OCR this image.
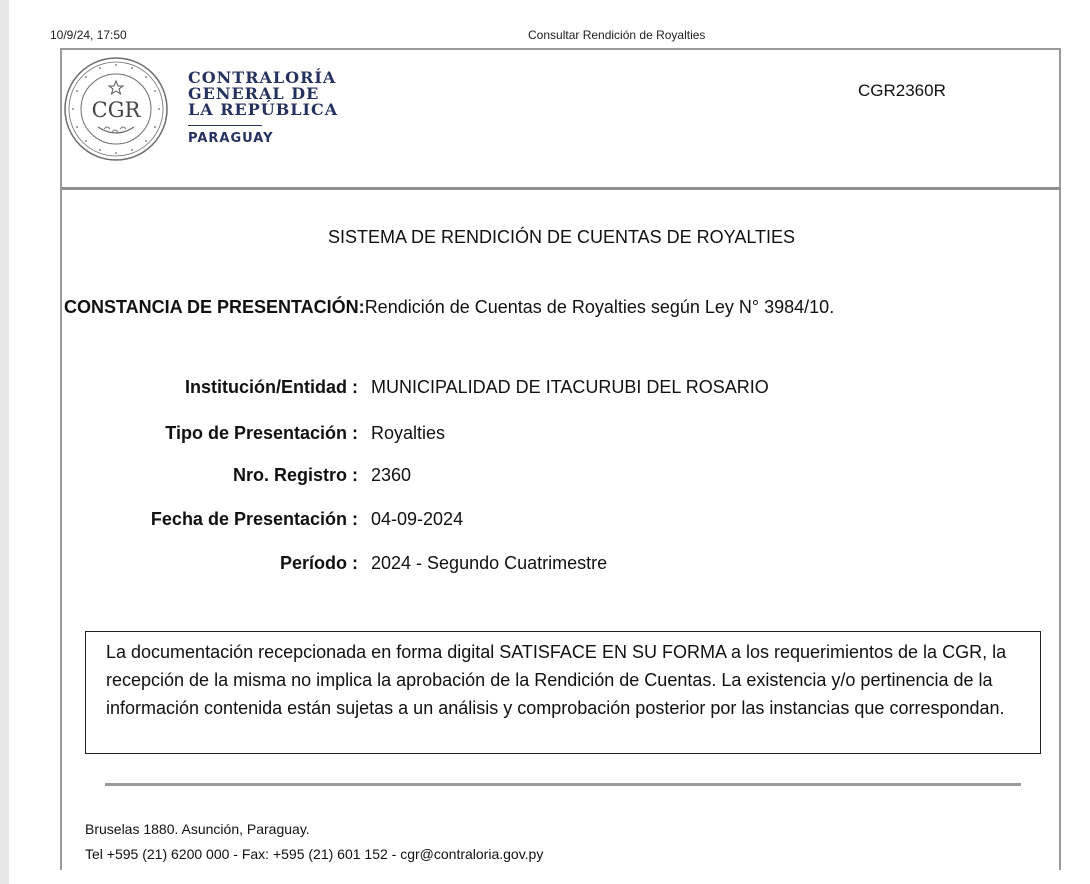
10/9/24, 17:50	Consultar Rendición de Royalties
CGR
CONTRALORÍA
GENERAL DE
LA REPÚBLICA
PARAGUAY
CGR2360R
SISTEMA DE RENDICIÓN DE CUENTAS DE ROYALTIES
CONSTANCIA DE PRESENTACIÓN:Rendición de Cuentas de Royalties según Ley N° 3984/10.
Institución/Entidad : MUNICIPALIDAD DE ITACURUBI DEL ROSARIO
Tipo de Presentación : Royalties
Nro. Registro : 2360
Fecha de Presentación : 04-09-2024
Período : 2024 - Segundo Cuatrimestre
La documentación recepcionada en forma digital SATISFACE EN SU FORMA a los requerimientos de la CGR, la recepción de la misma no implica la aprobación de la Rendición de Cuentas. La existencia y/o pertinencia de la información contenida están sujetas a un análisis y comprobación posterior por las instancias que correspondan.
Bruselas 1880. Asunción, Paraguay.
Tel +595 (21) 6200 000 - Fax: +595 (21) 601 152 - cgr@contraloria.gov.py
